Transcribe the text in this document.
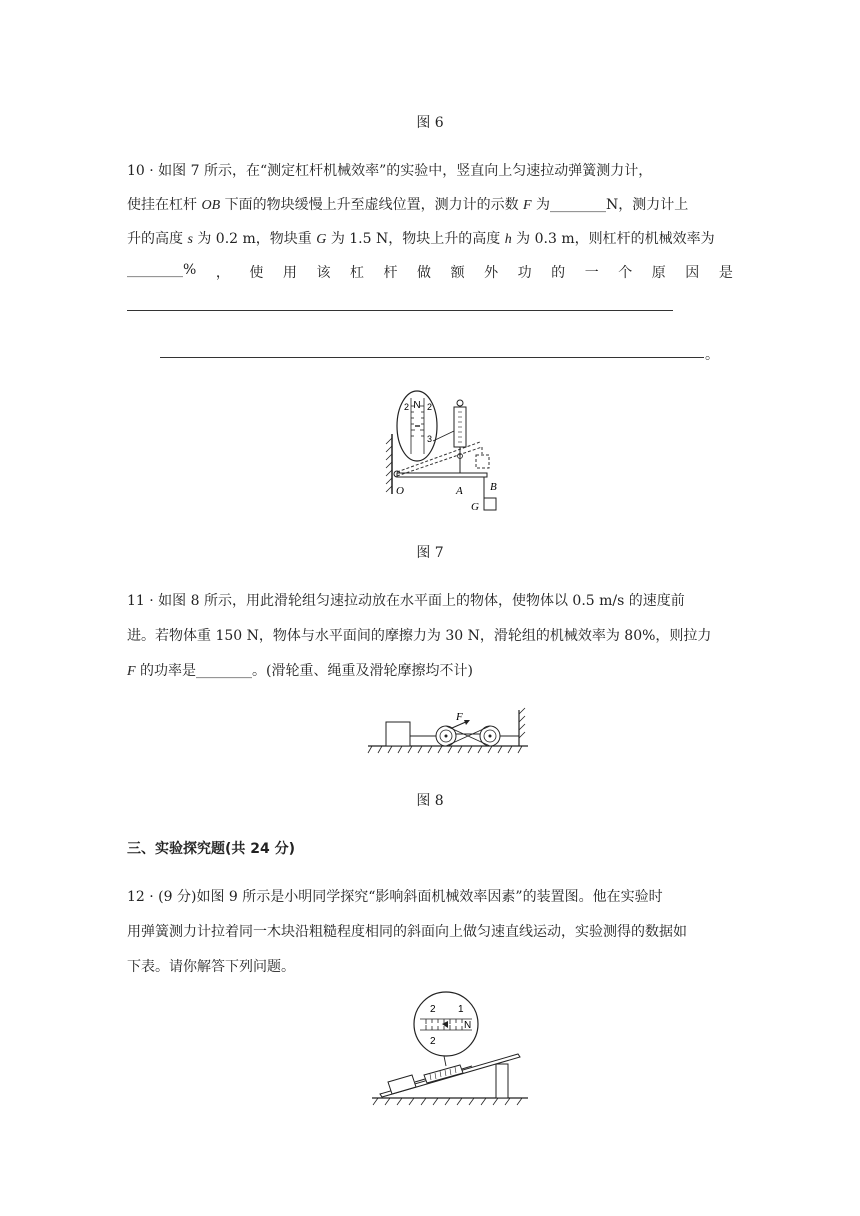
图 6
10 · 如图 7 所示，在“测定杠杆机械效率”的实验中，竖直向上匀速拉动弹簧测力计，
使挂在杠杆 OB 下面的物块缓慢上升至虚线位置，测力计的示数 F 为________N，测力计上
升的高度 s 为 0.2 m，物块重 G 为 1.5 N，物块上升的高度 h 为 0.3 m，则杠杆的机械效率为
________% ， 使 用 该 杠 杆 做 额 外 功 的 一 个 原 因 是
。
N
2 2
3
O	A B
G
图 7
11 · 如图 8 所示，用此滑轮组匀速拉动放在水平面上的物体，使物体以 0.5 m/s 的速度前
进。若物体重 150 N，物体与水平面间的摩擦力为 30 N，滑轮组的机械效率为 80%，则拉力
F 的功率是________。(滑轮重、绳重及滑轮摩擦均不计)
F
图 8
三、实验探究题(共 24 分)
12 · (9 分)如图 9 所示是小明同学探究“影响斜面机械效率因素”的装置图。他在实验时
用弹簧测力计拉着同一木块沿粗糙程度相同的斜面向上做匀速直线运动，实验测得的数据如
下表。请你解答下列问题。
2 1
2
N
